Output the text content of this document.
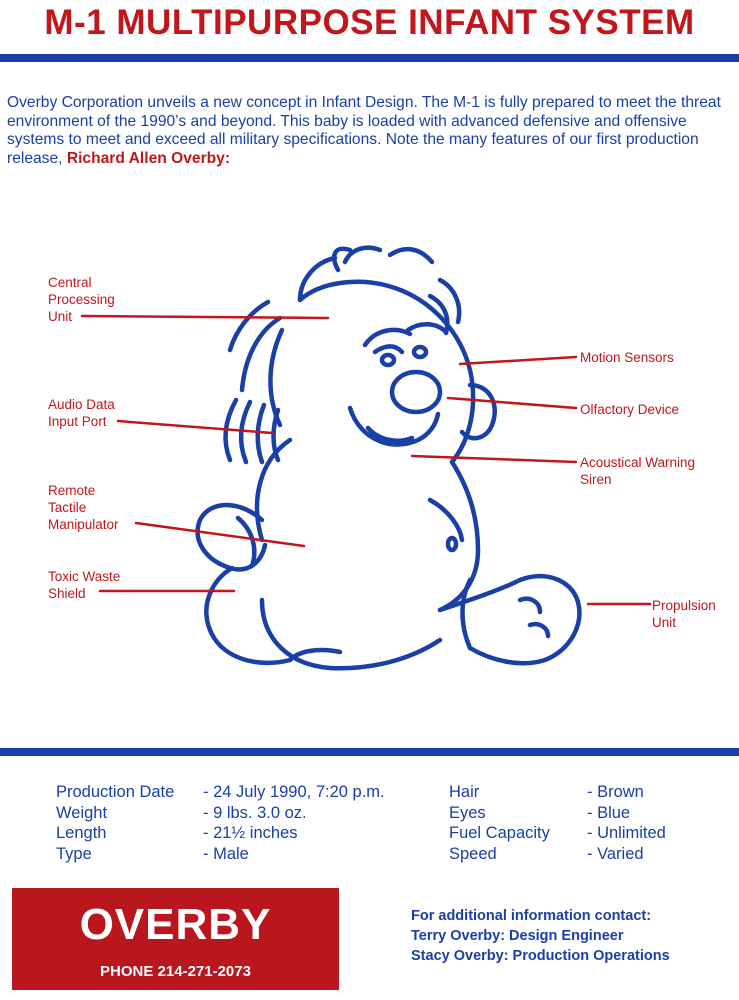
M-1 MULTIPURPOSE INFANT SYSTEM
Overby Corporation unveils a new concept in Infant Design. The M-1 is fully prepared to meet the threat environment of the 1990’s and beyond. This baby is loaded with advanced defensive and offensive systems to meet and exceed all military specifications. Note the many features of our first production release, Richard Allen Overby:
Central
Processing
Unit
Audio Data
Input Port
Remote
Tactile
Manipulator
Toxic Waste
Shield
Motion Sensors
Olfactory Device
Acoustical Warning
Siren
Propulsion
Unit
Production Date
Weight
Length
Type
- 24 July 1990, 7:20 p.m.
- 9 lbs. 3.0 oz.
- 21½ inches
- Male
Hair
Eyes
Fuel Capacity
Speed
- Brown
- Blue
- Unlimited
- Varied
OVERBY
PHONE 214-271-2073
For additional information contact:
Terry Overby: Design Engineer
Stacy Overby: Production Operations
